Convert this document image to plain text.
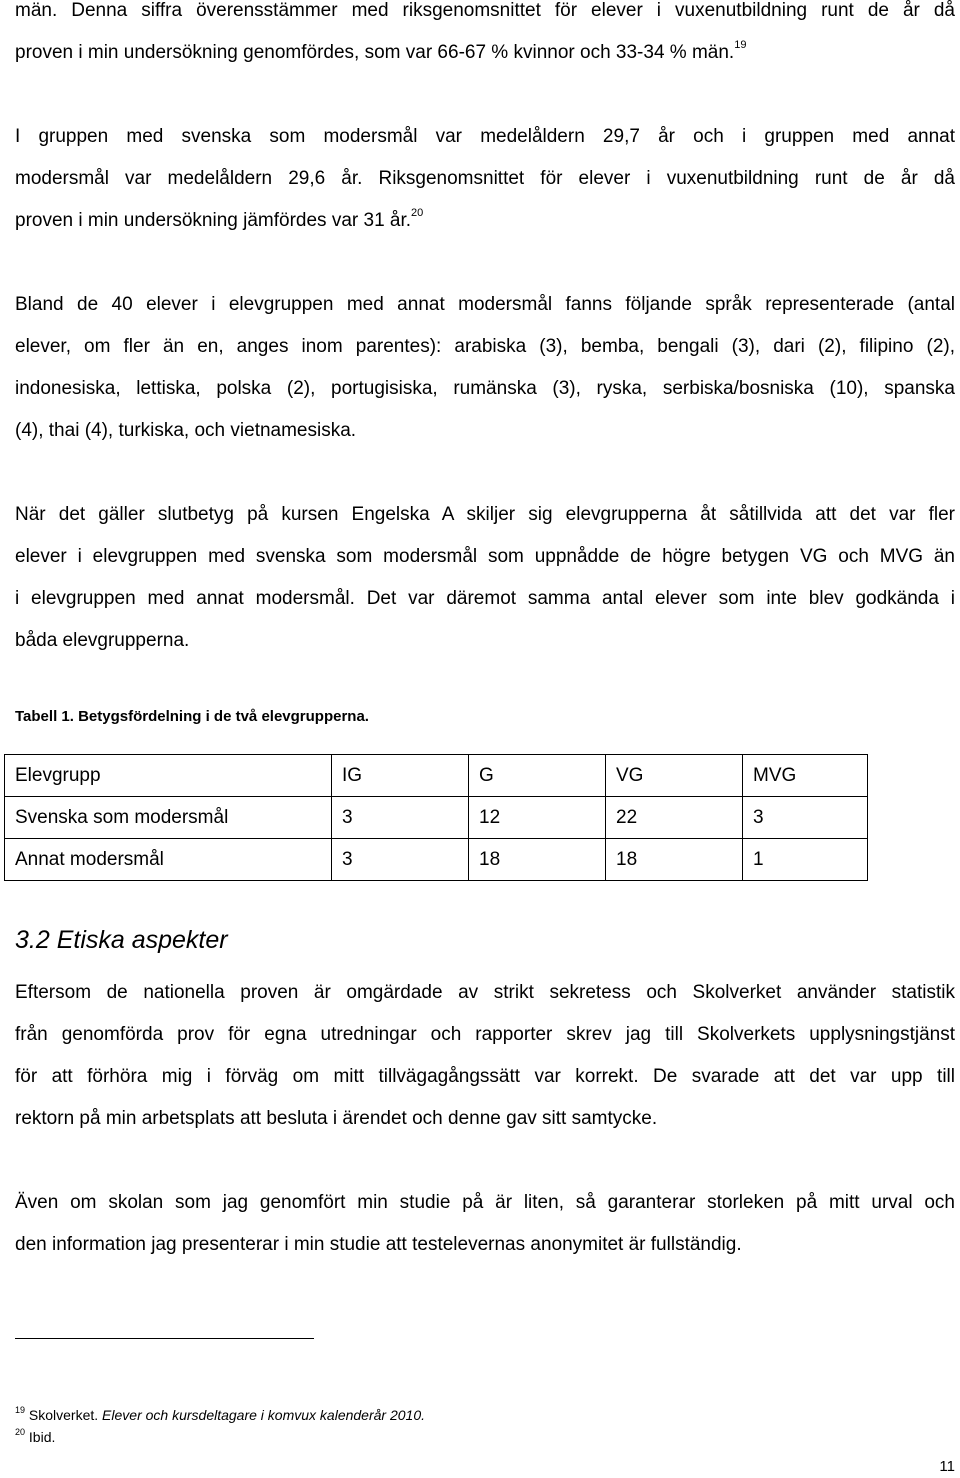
män. Denna siffra överensstämmer med riksgenomsnittet för elever i vuxenutbildning runt de år då
proven i min undersökning genomfördes, som var 66-67 % kvinnor och 33-34 % män.$^{19}$
I gruppen med svenska som modersmål var medelåldern 29,7 år och i gruppen med annat
modersmål var medelåldern 29,6 år. Riksgenomsnittet för elever i vuxenutbildning runt de år då
proven i min undersökning jämfördes var 31 år.$^{20}$
Bland de 40 elever i elevgruppen med annat modersmål fanns följande språk representerade (antal
elever, om fler än en, anges inom parentes): arabiska (3), bemba, bengali (3), dari (2), filipino (2),
indonesiska, lettiska, polska (2), portugisiska, rumänska (3), ryska, serbiska/bosniska (10), spanska
(4), thai (4), turkiska, och vietnamesiska.
När det gäller slutbetyg på kursen Engelska A skiljer sig elevgrupperna åt såtillvida att det var fler
elever i elevgruppen med svenska som modersmål som uppnådde de högre betygen VG och MVG än
i elevgruppen med annat modersmål. Det var däremot samma antal elever som inte blev godkända i
båda elevgrupperna.

Tabell 1. Betygsfördelning i de två elevgrupperna.

Elevgrupp	IG	G	VG	MVG
Svenska som modersmål	3	12	22	3
Annat modersmål	3	18	18	1
3.2 Etiska aspekter
Eftersom de nationella proven är omgärdade av strikt sekretess och Skolverket använder statistik
från genomförda prov för egna utredningar och rapporter skrev jag till Skolverkets upplysningstjänst
för att förhöra mig i förväg om mitt tillvägagångssätt var korrekt. De svarade att det var upp till
rektorn på min arbetsplats att besluta i ärendet och denne gav sitt samtycke.
Även om skolan som jag genomfört min studie på är liten, så garanterar storleken på mitt urval och
den information jag presenterar i min studie att testelevernas anonymitet är fullständig.
$^{19}$ Skolverket. Elever och kursdeltagare i komvux kalenderår 2010.
$^{20}$ Ibid.
11
